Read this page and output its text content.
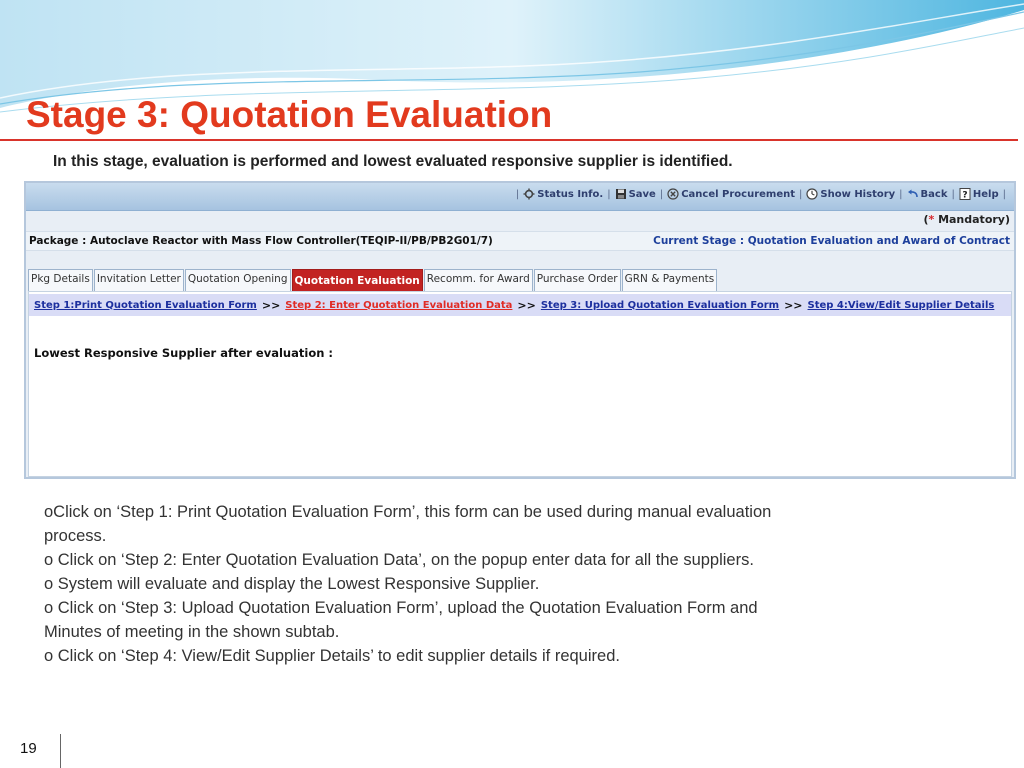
Stage 3: Quotation Evaluation
In this stage, evaluation is performed and lowest evaluated responsive supplier is identified.
| Status Info. | Save | Cancel Procurement | Show History | Back | ? Help |
(* Mandatory)
Package : Autoclave Reactor with Mass Flow Controller(TEQIP-II/PB/PB2G01/7)	Current Stage : Quotation Evaluation and Award of Contract
Pkg Details Invitation Letter Quotation Opening Quotation Evaluation Recomm. for Award Purchase Order GRN & Payments
Step 1:Print Quotation Evaluation Form >> Step 2: Enter Quotation Evaluation Data >> Step 3: Upload Quotation Evaluation Form >> Step 4:View/Edit Supplier Details
Lowest Responsive Supplier after evaluation :
oClick on ‘Step 1: Print Quotation Evaluation Form’, this form can be used during manual evaluation
process.
o Click on ‘Step 2: Enter Quotation Evaluation Data’, on the popup enter data for all the suppliers.
o System will evaluate and display the Lowest Responsive Supplier.
o Click on ‘Step 3: Upload Quotation Evaluation Form’, upload the Quotation Evaluation Form and
Minutes of meeting in the shown subtab.
o Click on ‘Step 4: View/Edit Supplier Details’ to edit supplier details if required.
19
